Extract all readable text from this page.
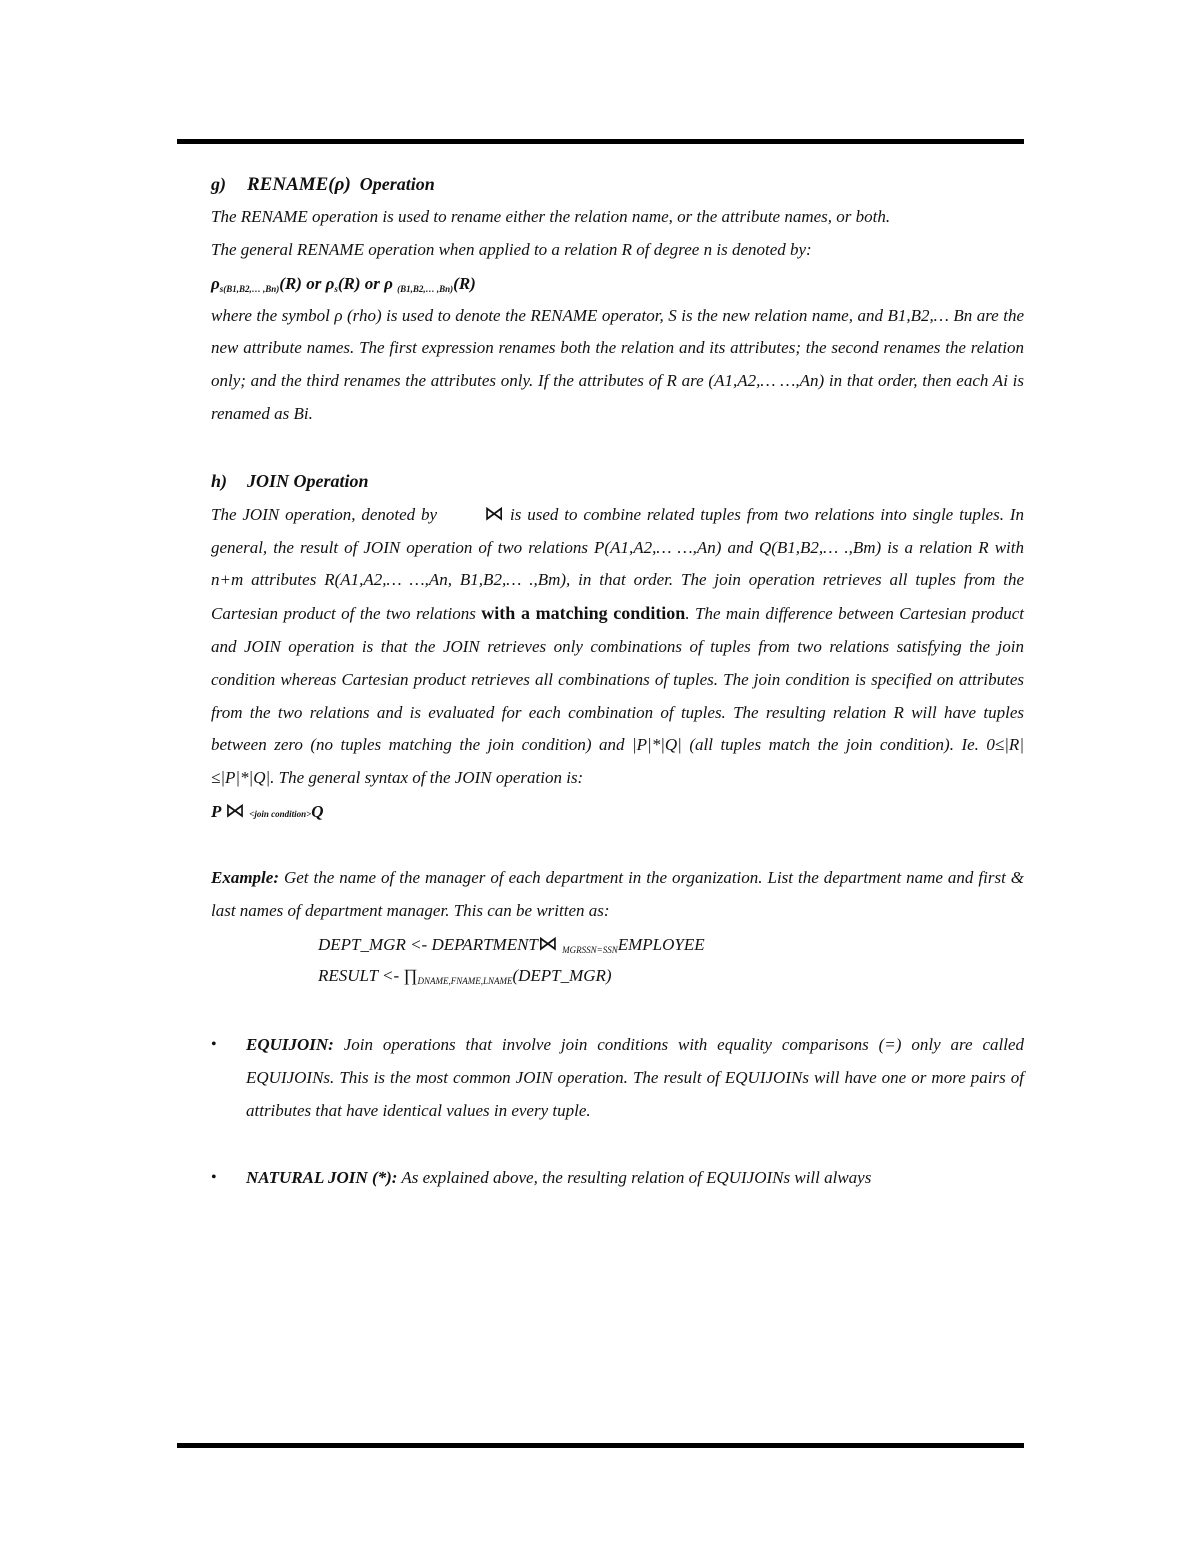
g) RENAME(ρ) Operation
The RENAME operation is used to rename either the relation name, or the attribute names, or both.
The general RENAME operation when applied to a relation R of degree n is denoted by:
$\rho_{s(B1,B2,\dots ,Bn)}(R)$ or $\rho_s(R)$ or ρ $_{(B1,B2,\dots ,Bn)}$(R)

where the symbol ρ (rho) is used to denote the RENAME operator, S is the new relation name, and B1,B2,… Bn are the new attribute names. The first expression renames both the relation and its attributes; the second renames the relation only; and the third renames the attributes only. If the attributes of R are (A1,A2,… …,An) in that order, then each Ai is renamed as Bi.

h) JOIN Operation

The JOIN operation, denoted by ⋈ is used to combine related tuples from two relations into single tuples. In general, the result of JOIN operation of two relations P(A1,A2,… …,An) and Q(B1,B2,… .,Bm) is a relation R with n+m attributes R(A1,A2,… …,An, B1,B2,… .,Bm), in that order. The join operation retrieves all tuples from the Cartesian product of the two relations with a matching condition. The main difference between Cartesian product and JOIN operation is that the JOIN retrieves only combinations of tuples from two relations satisfying the join condition whereas Cartesian product retrieves all combinations of tuples. The join condition is specified on attributes from the two relations and is evaluated for each combination of tuples. The resulting relation R will have tuples between zero (no tuples matching the join condition) and |P|*|Q| (all tuples match the join condition). Ie. 0≤|R|≤|P|*|Q|. The general syntax of the JOIN operation is:

P ⋈ <join condition>Q

Example: Get the name of the manager of each department in the organization. List the department name and first & last names of department manager. This can be written as:

DEPT_MGR <- DEPARTMENT⋈ $_{MGRSSN=SSN}$EMPLOYEE
RESULT <- $\prod_{DNAME,FNAME,LNAME}(DEPT\_MGR)$
• EQUIJOIN: Join operations that involve join conditions with equality comparisons (=) only are called EQUIJOINs. This is the most common JOIN operation. The result of EQUIJOINs will have one or more pairs of attributes that have identical values in every tuple.

• NATURAL JOIN (*): As explained above, the resulting relation of EQUIJOINs will always
